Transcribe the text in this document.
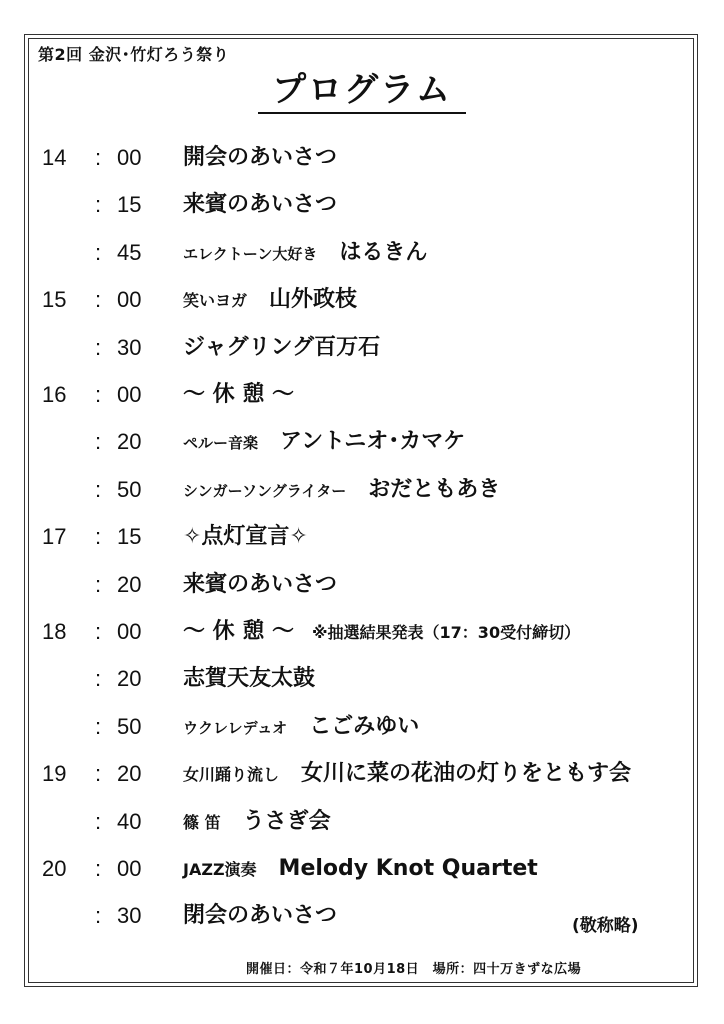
第2回 金沢･竹灯ろう祭り
プログラム
14	: 00	開会のあいさつ
: 15	来賓のあいさつ
: 45	エレクトーン大好き はるきん
15	: 00	笑いヨガ 山外政枝
: 30	ジャグリング百万石
16	: 00	～ 休 憩 ～
: 20	ペルー音楽 アントニオ･カマケ
: 50	シンガーソングライター おだともあき
17	: 15	✧点灯宣言✧
: 20	来賓のあいさつ
18	: 00	～ 休 憩 ～ ※抽選結果発表（17：30受付締切）
: 20	志賀天友太鼓
: 50	ウクレレデュオ こごみゆい
19	: 20	女川踊り流し 女川に菜の花油の灯りをともす会
: 40	篠 笛 うさぎ会
20	: 00	JAZZ演奏 Melody Knot Quartet
: 30	閉会のあいさつ	(敬称略)
開催日：令和７年10月18日　場所：四十万きずな広場
